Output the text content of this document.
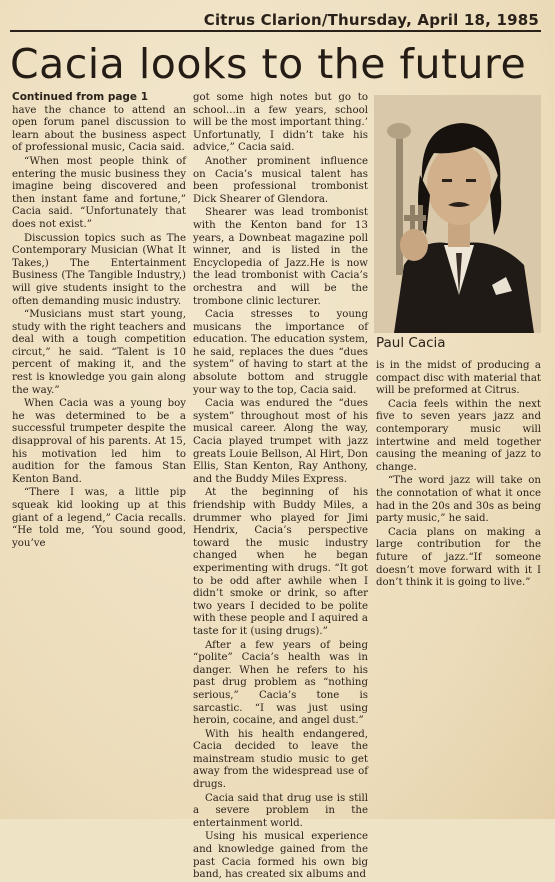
Citrus Clarion/Thursday, April 18, 1985
Cacia looks to the future

Continued from page 1

have the chance to attend an open forum panel discussion to learn about the business aspect of professional music, Cacia said.

“When most people think of entering the music business they imagine being discovered and then instant fame and fortune,” Cacia said. “Unfortunately that does not exist.”

Discussion topics such as The Contemporary Musician (What It Takes,) The Entertainment Business (The Tangible Industry,) will give students insight to the often demanding music industry.

“Musicians must start young, study with the right teachers and deal with a tough competition circut,” he said. “Talent is 10 percent of making it, and the rest is knowledge you gain along the way.”

When Cacia was a young boy he was determined to be a successful trumpeter despite the disapproval of his parents. At 15, his motivation led him to audition for the famous Stan Kenton Band.

“There I was, a little pip squeak kid looking up at this giant of a legend,” Cacia recalls. “He told me, ‘You sound good, you’ve

got some high notes but go to school...in a few years, school will be the most important thing.’ Unfortunatly, I didn’t take his advice,” Cacia said.

Another prominent influence on Cacia’s musical talent has been professional trombonist Dick Shearer of Glendora.

Shearer was lead trombonist with the Kenton band for 13 years, a Downbeat magazine poll winner, and is listed in the Encyclopedia of Jazz.He is now the lead trombonist with Cacia’s orchestra and will be the trombone clinic lecturer.

Cacia stresses to young musicans the importance of education. The education system, he said, replaces the dues “dues system” of having to start at the absolute bottom and struggle your way to the top, Cacia said.

Cacia was endured the “dues system” throughout most of his musical career. Along the way, Cacia played trumpet with jazz greats Louie Bellson, Al Hirt, Don Ellis, Stan Kenton, Ray Anthony, and the Buddy Miles Express.

At the beginning of his friendship with Buddy Miles, a drummer who played for Jimi Hendrix, Cacia’s perspective toward the music industry changed when he began experimenting with drugs. “It got to be odd after awhile when I didn’t smoke or drink, so after two years I decided to be polite with these people and I aquired a taste for it (using drugs).”

After a few years of being “polite” Cacia’s health was in danger. When he refers to his past drug problem as “nothing serious,” Cacia’s tone is sarcastic. “I was just using heroin, cocaine, and angel dust.”

With his health endangered, Cacia decided to leave the mainstream studio music to get away from the widespread use of drugs.

Cacia said that drug use is still a severe problem in the entertainment world.

Using his musical experience and knowledge gained from the past Cacia formed his own big band, has created six albums and

Paul Cacia

is in the midst of producing a compact disc with material that will be preformed at Citrus.

Cacia feels within the next five to seven years jazz and contemporary music will intertwine and meld together causing the meaning of jazz to change.

“The word jazz will take on the connotation of what it once had in the 20s and 30s as being party music,” he said.

Cacia plans on making a large contribution for the future of jazz.“If someone doesn’t move forward with it I don’t think it is going to live.”
